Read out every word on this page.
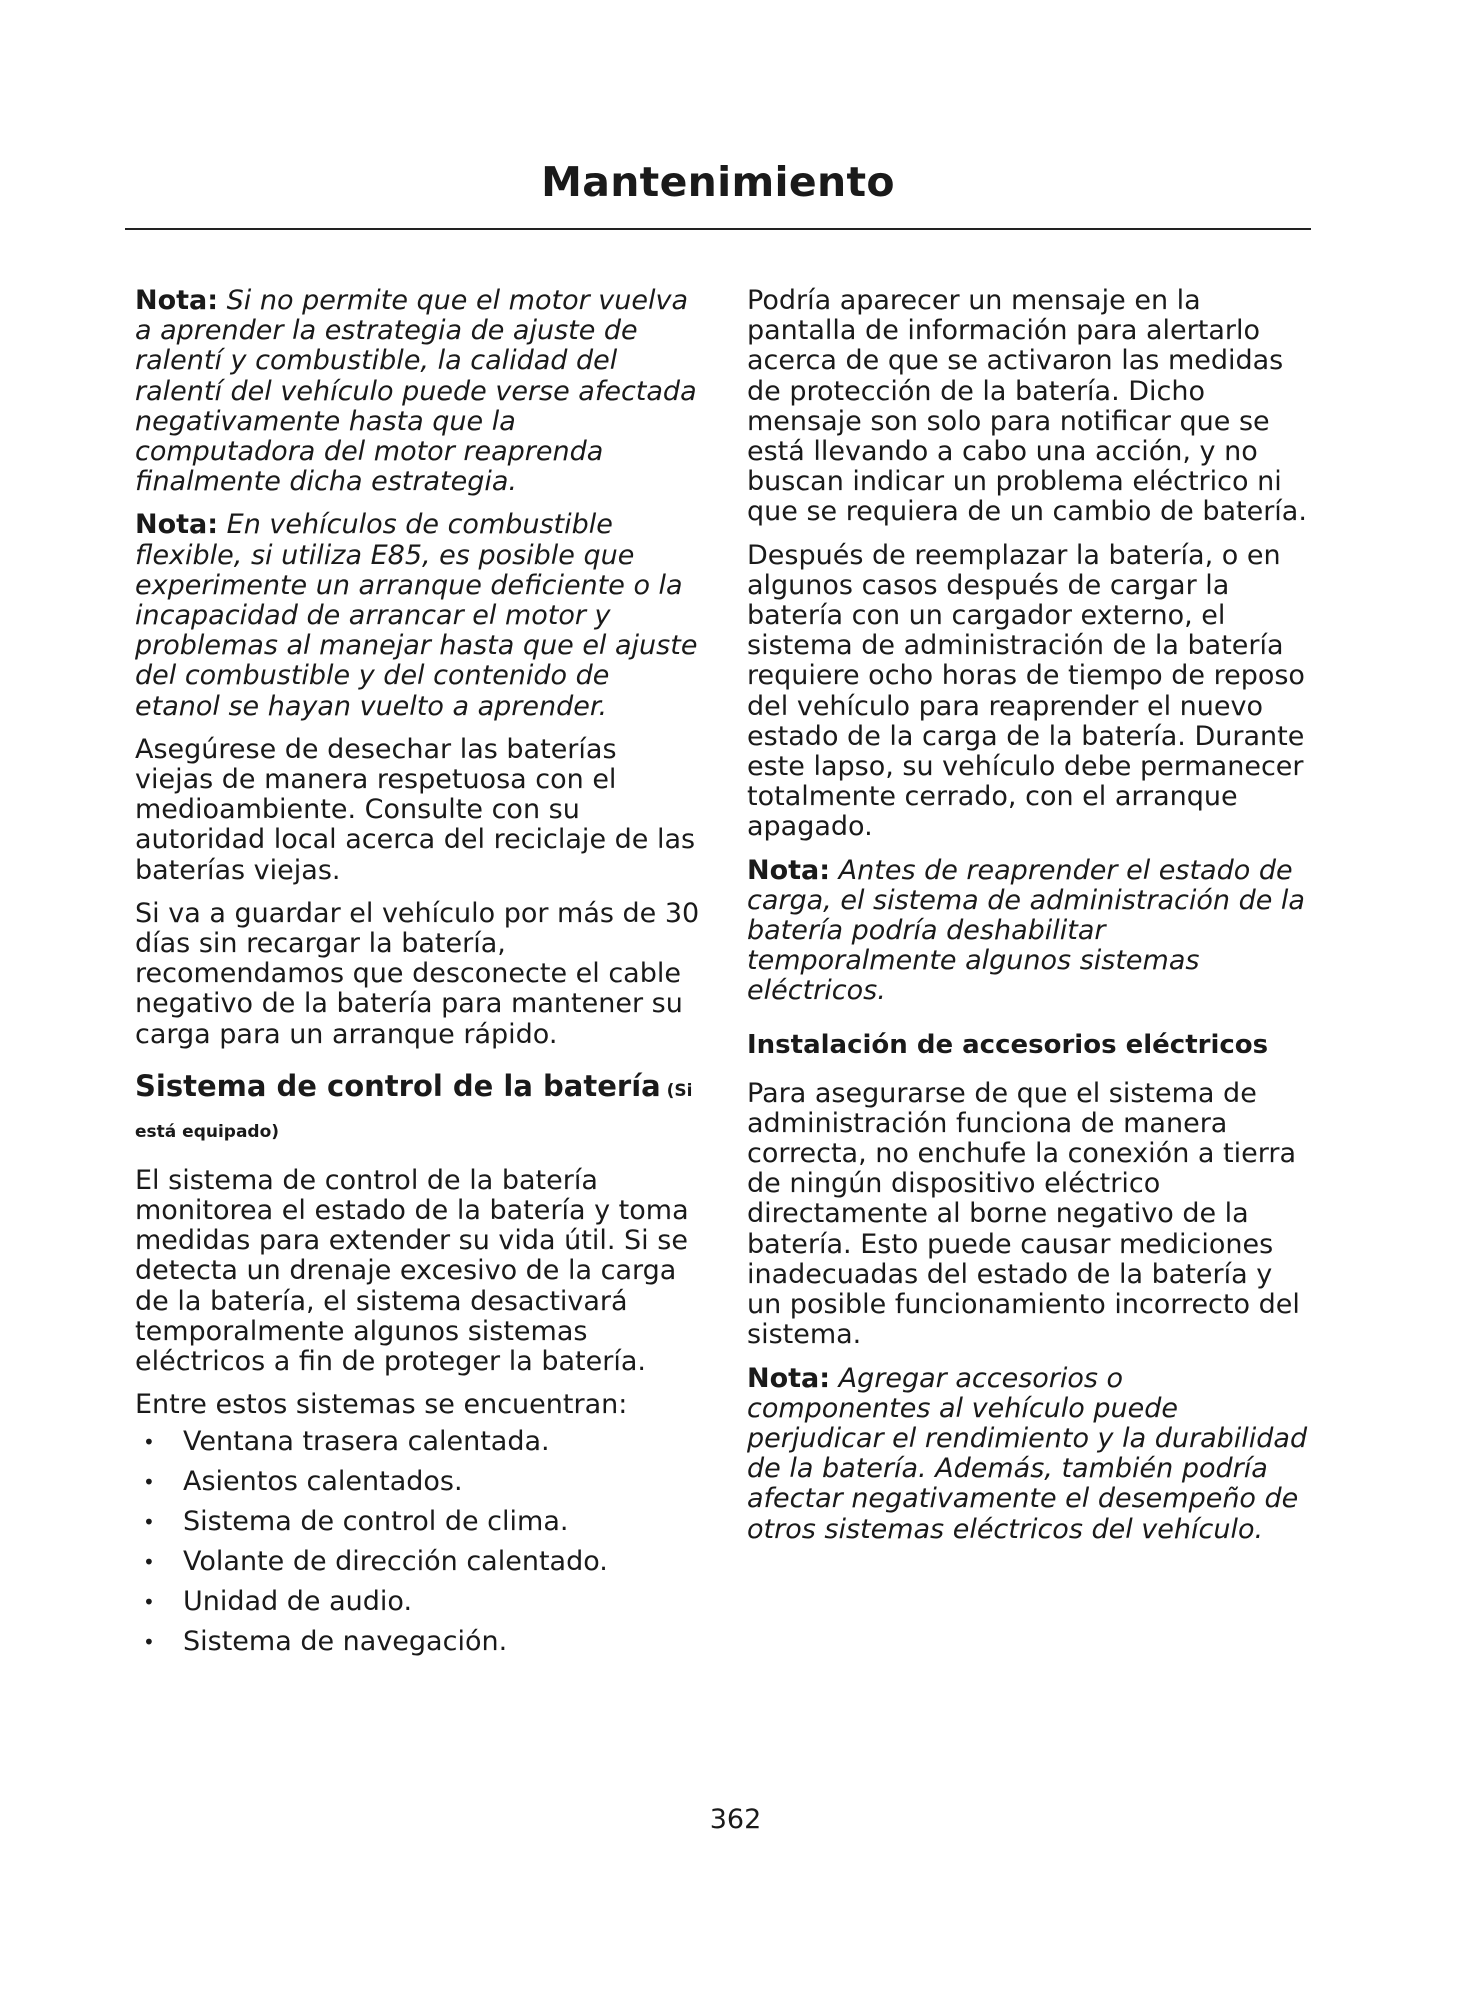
Mantenimiento

Nota: Si no permite que el motor vuelva a aprender la estrategia de ajuste de ralentí y combustible, la calidad del ralentí del vehículo puede verse afectada negativamente hasta que la computadora del motor reaprenda finalmente dicha estrategia.

Nota: En vehículos de combustible flexible, si utiliza E85, es posible que experimente un arranque deficiente o la incapacidad de arrancar el motor y problemas al manejar hasta que el ajuste del combustible y del contenido de etanol se hayan vuelto a aprender.

Asegúrese de desechar las baterías viejas de manera respetuosa con el medioambiente. Consulte con su autoridad local acerca del reciclaje de las baterías viejas.

Si va a guardar el vehículo por más de 30 días sin recargar la batería, recomendamos que desconecte el cable negativo de la batería para mantener su carga para un arranque rápido.

Sistema de control de la batería (Si está equipado)

El sistema de control de la batería monitorea el estado de la batería y toma medidas para extender su vida útil. Si se detecta un drenaje excesivo de la carga de la batería, el sistema desactivará temporalmente algunos sistemas eléctricos a fin de proteger la batería.

Entre estos sistemas se encuentran:

• Ventana trasera calentada.
• Asientos calentados.
• Sistema de control de clima.
• Volante de dirección calentado.
• Unidad de audio.
• Sistema de navegación.

Podría aparecer un mensaje en la pantalla de información para alertarlo acerca de que se activaron las medidas de protección de la batería. Dicho mensaje son solo para notificar que se está llevando a cabo una acción, y no buscan indicar un problema eléctrico ni que se requiera de un cambio de batería.

Después de reemplazar la batería, o en algunos casos después de cargar la batería con un cargador externo, el sistema de administración de la batería requiere ocho horas de tiempo de reposo del vehículo para reaprender el nuevo estado de la carga de la batería. Durante este lapso, su vehículo debe permanecer totalmente cerrado, con el arranque apagado.

Nota: Antes de reaprender el estado de carga, el sistema de administración de la batería podría deshabilitar temporalmente algunos sistemas eléctricos.

Instalación de accesorios eléctricos

Para asegurarse de que el sistema de administración funciona de manera correcta, no enchufe la conexión a tierra de ningún dispositivo eléctrico directamente al borne negativo de la batería. Esto puede causar mediciones inadecuadas del estado de la batería y un posible funcionamiento incorrecto del sistema.

Nota: Agregar accesorios o componentes al vehículo puede perjudicar el rendimiento y la durabilidad de la batería. Además, también podría afectar negativamente el desempeño de otros sistemas eléctricos del vehículo.

362
